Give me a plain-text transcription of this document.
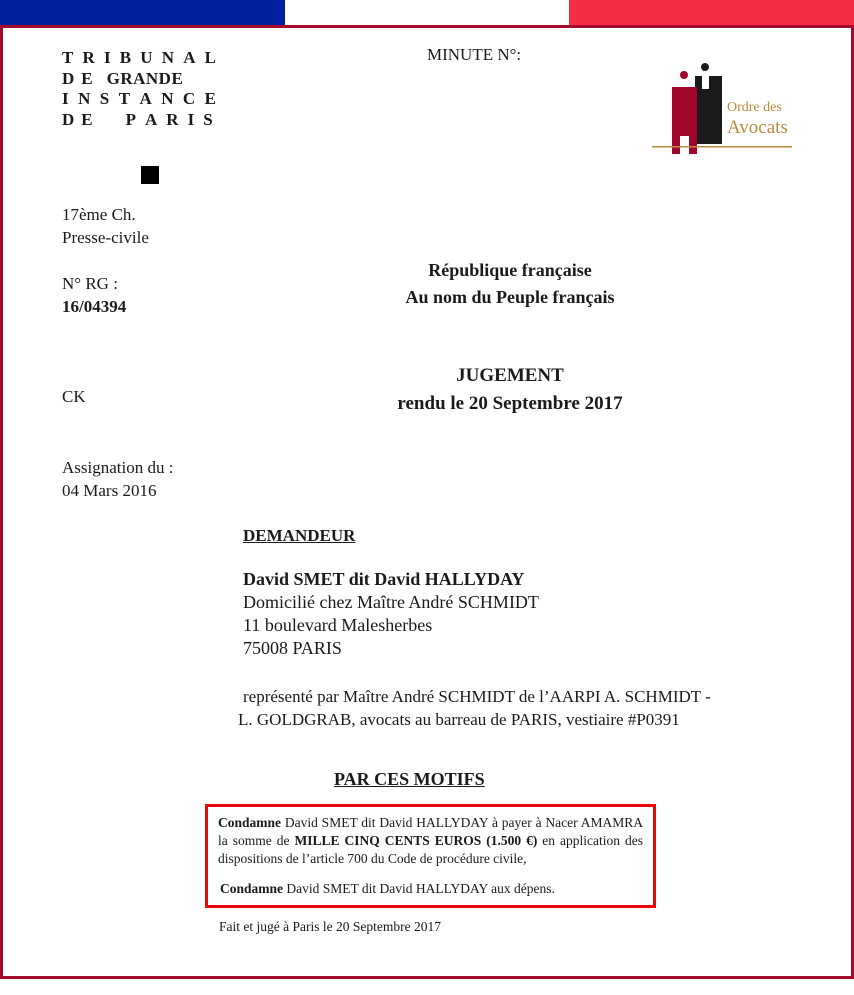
T R I B U N A L
D E GRANDE
I N S T A N C E
D E P A R I S
MINUTE N°:
Ordre des
Avocats
17ème Ch.
Presse-civile
N° RG :
16/04394
République française
Au nom du Peuple français
JUGEMENT
rendu le 20 Septembre 2017
CK
Assignation du :
04 Mars 2016
DEMANDEUR
David SMET dit David HALLYDAY
Domicilié chez Maître André SCHMIDT
11 boulevard Malesherbes
75008 PARIS
représenté par Maître André SCHMIDT de l’AARPI A. SCHMIDT -
L. GOLDGRAB, avocats au barreau de PARIS, vestiaire #P0391
PAR CES MOTIFS
Condamne David SMET dit David HALLYDAY à payer à Nacer AMAMRA la somme de MILLE CINQ CENTS EUROS (1.500 €) en application des dispositions de l’article 700 du Code de procédure civile,
Condamne David SMET dit David HALLYDAY aux dépens.
Fait et jugé à Paris le 20 Septembre 2017
